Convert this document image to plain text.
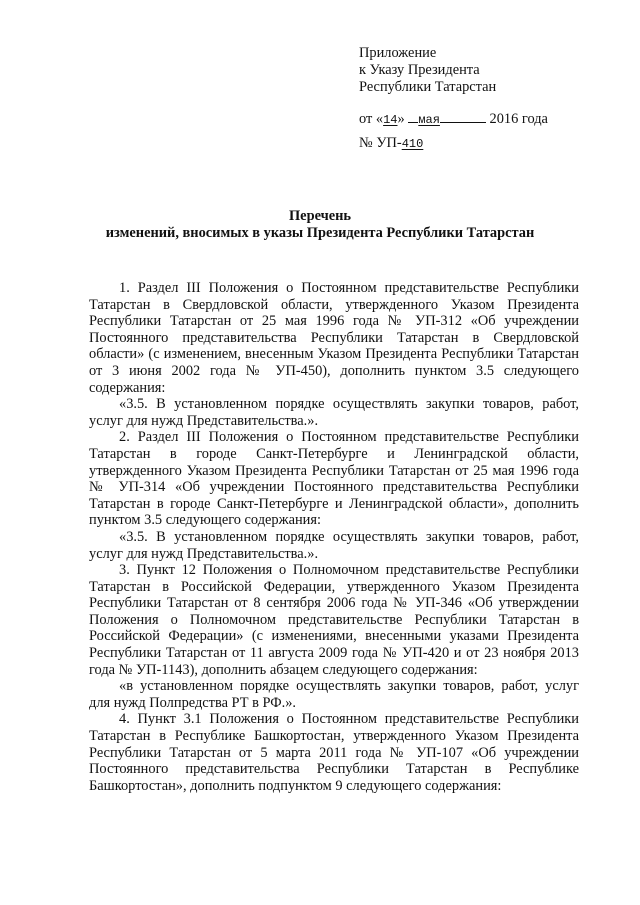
Приложение
к Указу Президента
Республики Татарстан
от «14» мая	2016 года
№ УП-410
Перечень
изменений, вносимых в указы Президента Республики Татарстан

1. Раздел III Положения о Постоянном представительстве Республики Татарстан в Свердловской области, утвержденного Указом Президента Республики Татарстан от 25 мая 1996 года № УП-312 «Об учреждении Постоянного представительства Республики Татарстан в Свердловской области» (с изменением, внесенным Указом Президента Республики Татарстан от 3 июня 2002 года № УП-450), дополнить пунктом 3.5 следующего содержания:

«3.5. В установленном порядке осуществлять закупки товаров, работ, услуг для нужд Представительства.».

2. Раздел III Положения о Постоянном представительстве Республики Татарстан в городе Санкт-Петербурге и Ленинградской области, утвержденного Указом Президента Республики Татарстан от 25 мая 1996 года № УП-314 «Об учреждении Постоянного представительства Республики Татарстан в городе Санкт-Петербурге и Ленинградской области», дополнить пунктом 3.5 следующего содержания:

«3.5. В установленном порядке осуществлять закупки товаров, работ, услуг для нужд Представительства.».

3. Пункт 12 Положения о Полномочном представительстве Республики Татарстан в Российской Федерации, утвержденного Указом Президента Республики Татарстан от 8 сентября 2006 года № УП-346 «Об утверждении Положения о Полномочном представительстве Республики Татарстан в Российской Федерации» (с изменениями, внесенными указами Президента Республики Татарстан от 11 августа 2009 года № УП-420 и от 23 ноября 2013 года № УП-1143), дополнить абзацем следующего содержания:

«в установленном порядке осуществлять закупки товаров, работ, услуг для нужд Полпредства РТ в РФ.».

4. Пункт 3.1 Положения о Постоянном представительстве Республики Татарстан в Республике Башкортостан, утвержденного Указом Президента Республики Татарстан от 5 марта 2011 года № УП-107 «Об учреждении Постоянного представительства Республики Татарстан в Республике Башкортостан», дополнить подпунктом 9 следующего содержания:
